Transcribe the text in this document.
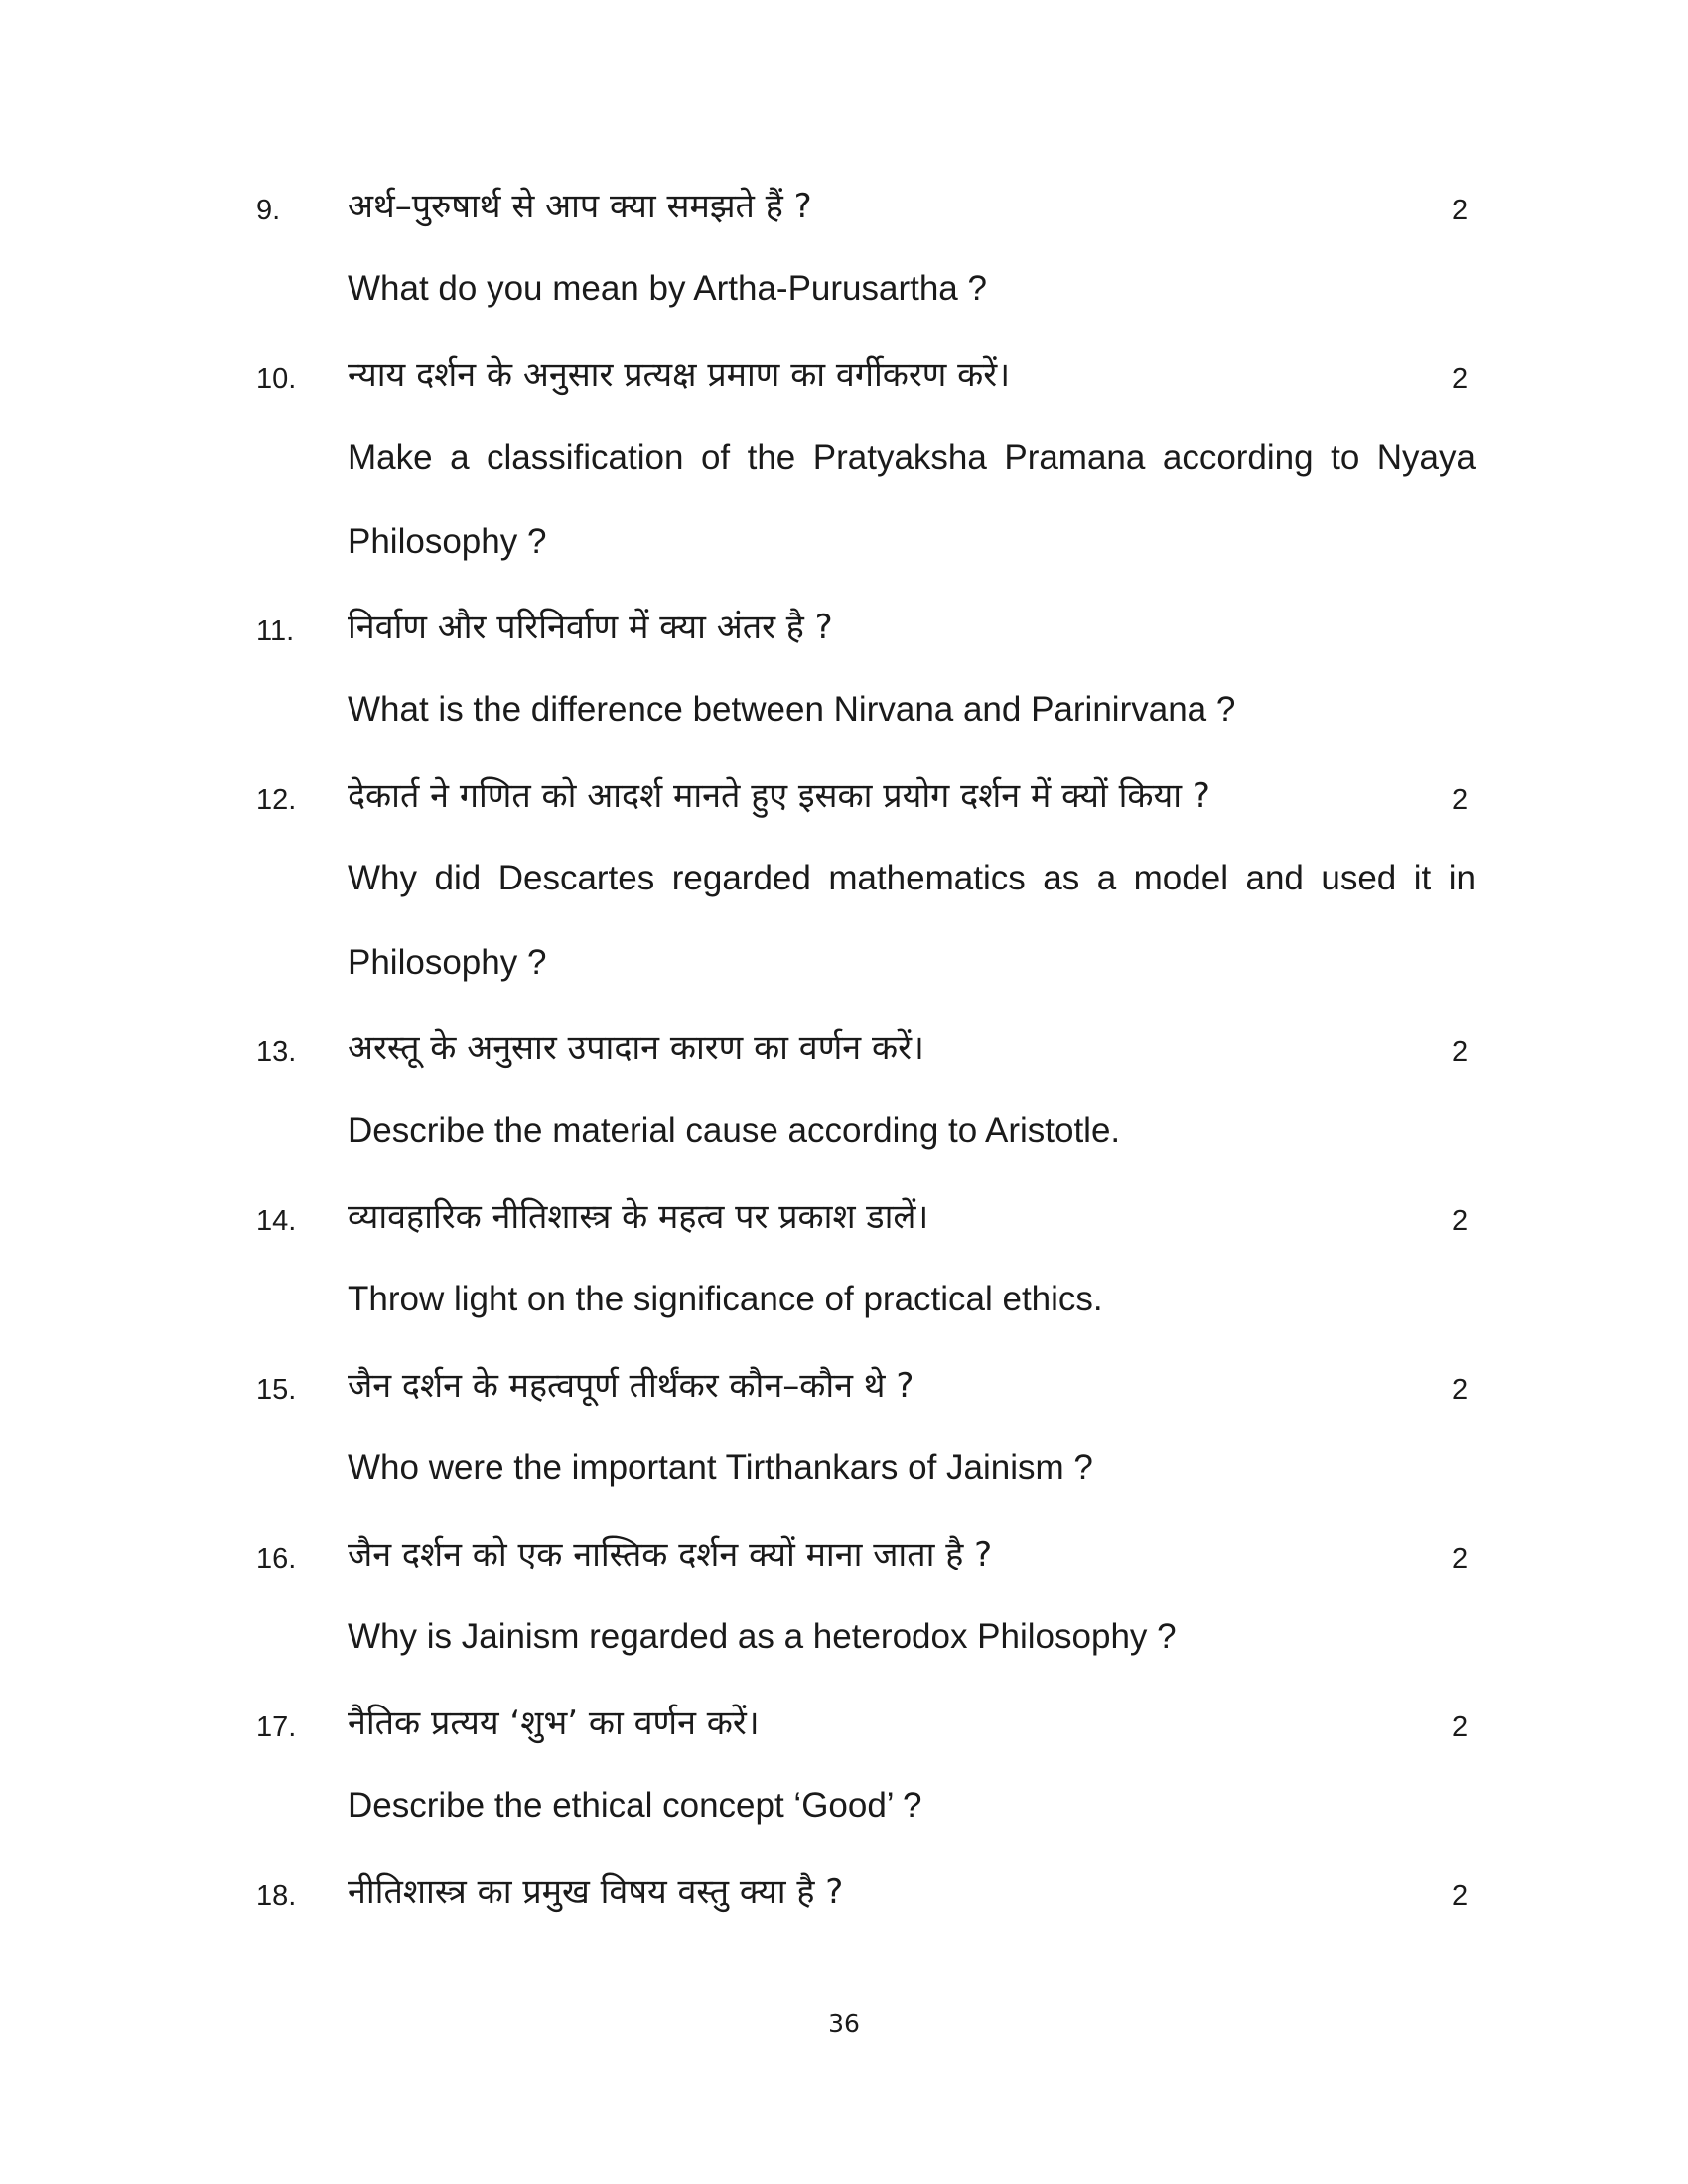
9. अर्थ–पुरुषार्थ से आप क्या समझते हैं ?	2
What do you mean by Artha-Purusartha ?
10. न्याय दर्शन के अनुसार प्रत्यक्ष प्रमाण का वर्गीकरण करें।	2
Make a classification of the Pratyaksha Pramana according to Nyaya Philosophy ?
11. निर्वाण और परिनिर्वाण में क्या अंतर है ?
What is the difference between Nirvana and Parinirvana ?
12. देकार्त ने गणित को आदर्श मानते हुए इसका प्रयोग दर्शन में क्यों किया ?	2
Why did Descartes regarded mathematics as a model and used it in Philosophy ?
13. अरस्तू के अनुसार उपादान कारण का वर्णन करें।	2
Describe the material cause according to Aristotle.
14. व्यावहारिक नीतिशास्त्र के महत्व पर प्रकाश डालें।	2
Throw light on the significance of practical ethics.
15. जैन दर्शन के महत्वपूर्ण तीर्थंकर कौन–कौन थे ?	2
Who were the important Tirthankars of Jainism ?
16. जैन दर्शन को एक नास्तिक दर्शन क्यों माना जाता है ?	2
Why is Jainism regarded as a heterodox Philosophy ?
17. नैतिक प्रत्यय ‘शुभ’ का वर्णन करें।	2
Describe the ethical concept ‘Good’ ?
18. नीतिशास्त्र का प्रमुख विषय वस्तु क्या है ?	2
36
